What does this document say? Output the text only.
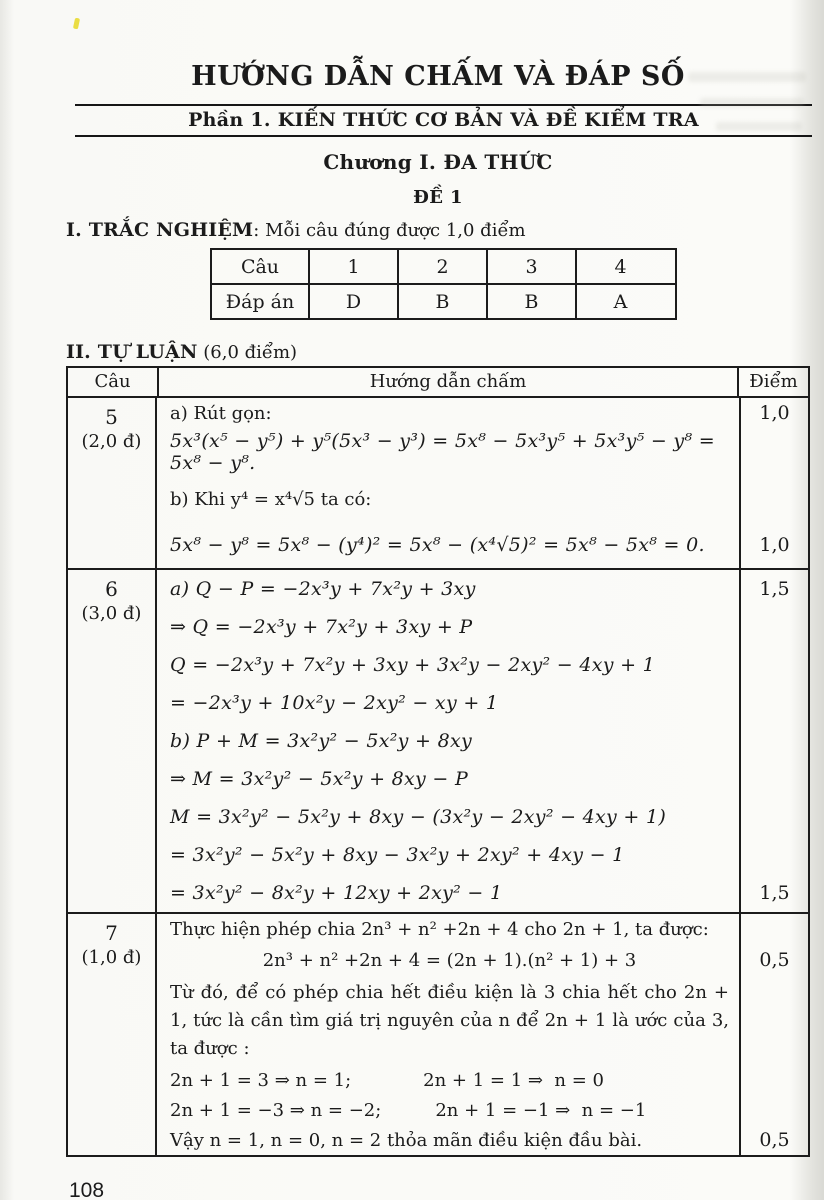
HƯỚNG DẪN CHẤM VÀ ĐÁP SỐ
Phần 1. KIẾN THỨC CƠ BẢN VÀ ĐỀ KIỂM TRA
Chương I. ĐA THỨC
ĐỀ 1

I. TRẮC NGHIỆM: Mỗi câu đúng được 1,0 điểm

Câu	1	2	3	4
Đáp án	D	B	B	A

II. TỰ LUẬN (6,0 điểm)

Câu	Hướng dẫn chấm	Điểm
5
(2,0 đ)
a) Rút gọn:	1,0
5x³(x⁵ − y⁵) + y⁵(5x³ − y³) = 5x⁸ − 5x³y⁵ + 5x³y⁵ − y⁸ = 5x⁸ − y⁸.
b) Khi y⁴ = x⁴√5 ta có:
5x⁸ − y⁸ = 5x⁸ − (y⁴)² = 5x⁸ − (x⁴√5)² = 5x⁸ − 5x⁸ = 0.	1,0
6
(3,0 đ)
a) Q − P = −2x³y + 7x²y + 3xy	1,5
⇒ Q = −2x³y + 7x²y + 3xy + P
Q = −2x³y + 7x²y + 3xy + 3x²y − 2xy² − 4xy + 1
= −2x³y + 10x²y − 2xy² − xy + 1
b) P + M = 3x²y² − 5x²y + 8xy
⇒ M = 3x²y² − 5x²y + 8xy − P
M = 3x²y² − 5x²y + 8xy − (3x²y − 2xy² − 4xy + 1)
= 3x²y² − 5x²y + 8xy − 3x²y + 2xy² + 4xy − 1
= 3x²y² − 8x²y + 12xy + 2xy² − 1	1,5
7
(1,0 đ)
Thực hiện phép chia 2n³ + n² +2n + 4 cho 2n + 1, ta được:
2n³ + n² +2n + 4 = (2n + 1).(n² + 1) + 3	0,5
Từ đó, để có phép chia hết điều kiện là 3 chia hết cho 2n + 1, tức là cần tìm giá trị nguyên của n để 2n + 1 là ước của 3, ta được :
2n + 1 = 3 ⇒ n = 1;    2n + 1 = 1 ⇒  n = 0
2n + 1 = −3 ⇒ n = −2;   2n + 1 = −1 ⇒  n = −1
Vậy n = 1, n = 0, n = 2 thỏa mãn điều kiện đầu bài.	0,5
108
